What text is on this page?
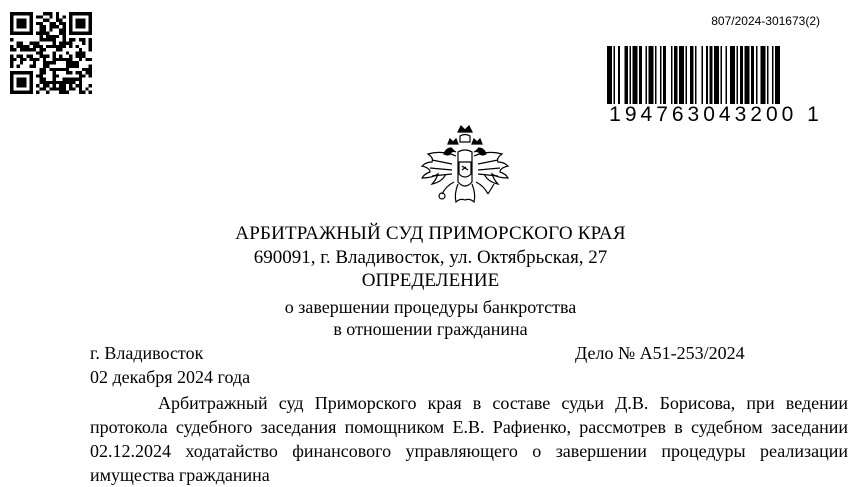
807/2024-301673(2)
194763043200 1
АРБИТРАЖНЫЙ СУД ПРИМОРСКОГО КРАЯ
690091, г. Владивосток, ул. Октябрьская, 27
ОПРЕДЕЛЕНИЕ
о завершении процедуры банкротства
в отношении гражданина
г. Владивосток	Дело № А51-253/2024
02 декабря 2024 года

Арбитражный суд Приморского края в составе судьи Д.В. Борисова, при ведении протокола судебного заседания помощником Е.В. Рафиенко, рассмотрев в судебном заседании 02.12.2024 ходатайство финансового управляющего о завершении процедуры реализации имущества гражданина
